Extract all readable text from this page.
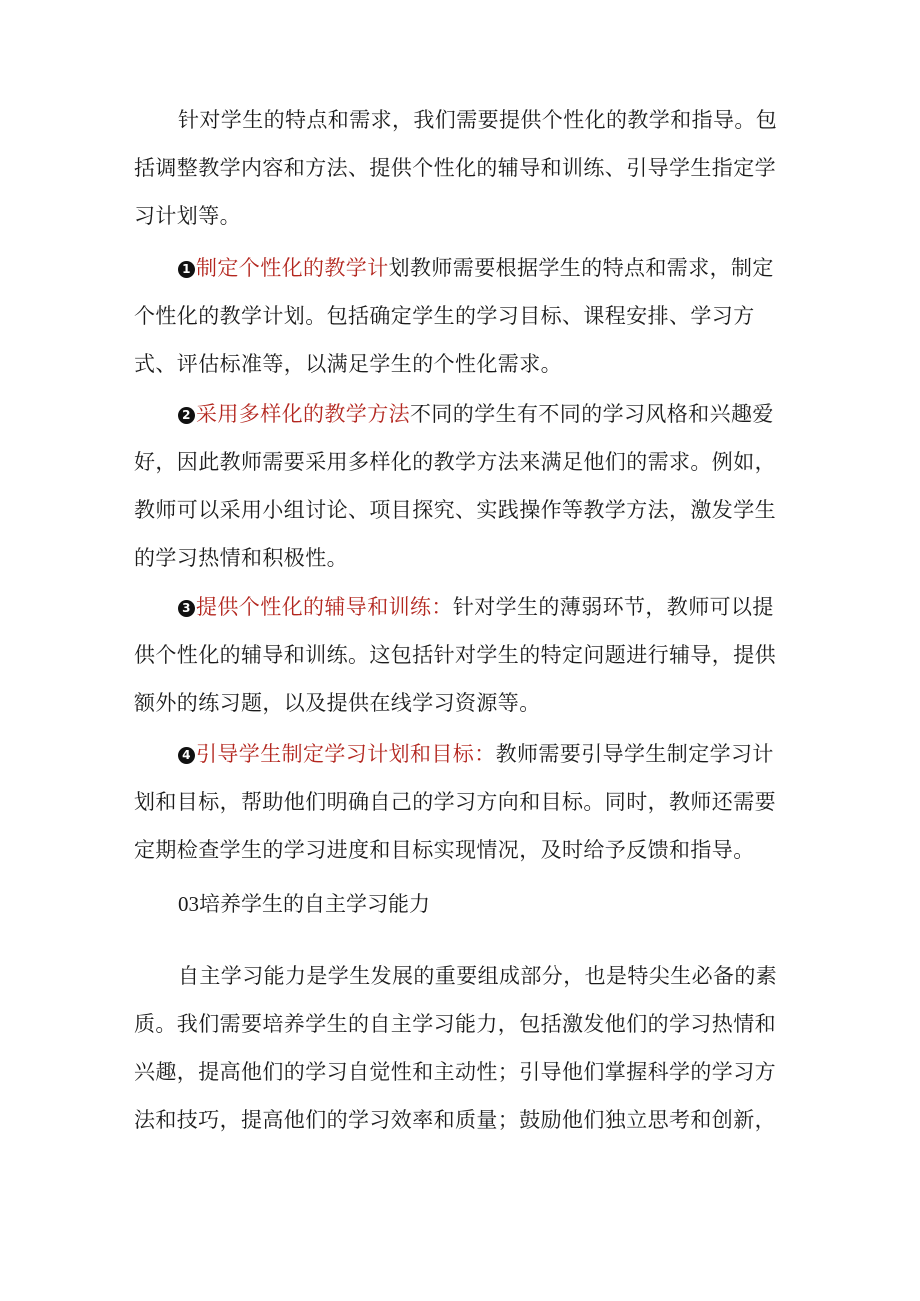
针对学生的特点和需求，我们需要提供个性化的教学和指导。包括调整教学内容和方法、提供个性化的辅导和训练、引导学生指定学习计划等。

1 制定个性化的教学计划教师需要根据学生的特点和需求，制定个性化的教学计划。包括确定学生的学习目标、课程安排、学习方式、评估标准等，以满足学生的个性化需求。

2 采用多样化的教学方法不同的学生有不同的学习风格和兴趣爱好，因此教师需要采用多样化的教学方法来满足他们的需求。例如，教师可以采用小组讨论、项目探究、实践操作等教学方法，激发学生的学习热情和积极性。

3 提供个性化的辅导和训练：针对学生的薄弱环节，教师可以提供个性化的辅导和训练。这包括针对学生的特定问题进行辅导，提供额外的练习题，以及提供在线学习资源等。

4 引导学生制定学习计划和目标：教师需要引导学生制定学习计划和目标，帮助他们明确自己的学习方向和目标。同时，教师还需要定期检查学生的学习进度和目标实现情况，及时给予反馈和指导。

03培养学生的自主学习能力

自主学习能力是学生发展的重要组成部分，也是特尖生必备的素质。我们需要培养学生的自主学习能力，包括激发他们的学习热情和兴趣，提高他们的学习自觉性和主动性；引导他们掌握科学的学习方法和技巧，提高他们的学习效率和质量；鼓励他们独立思考和创新，
